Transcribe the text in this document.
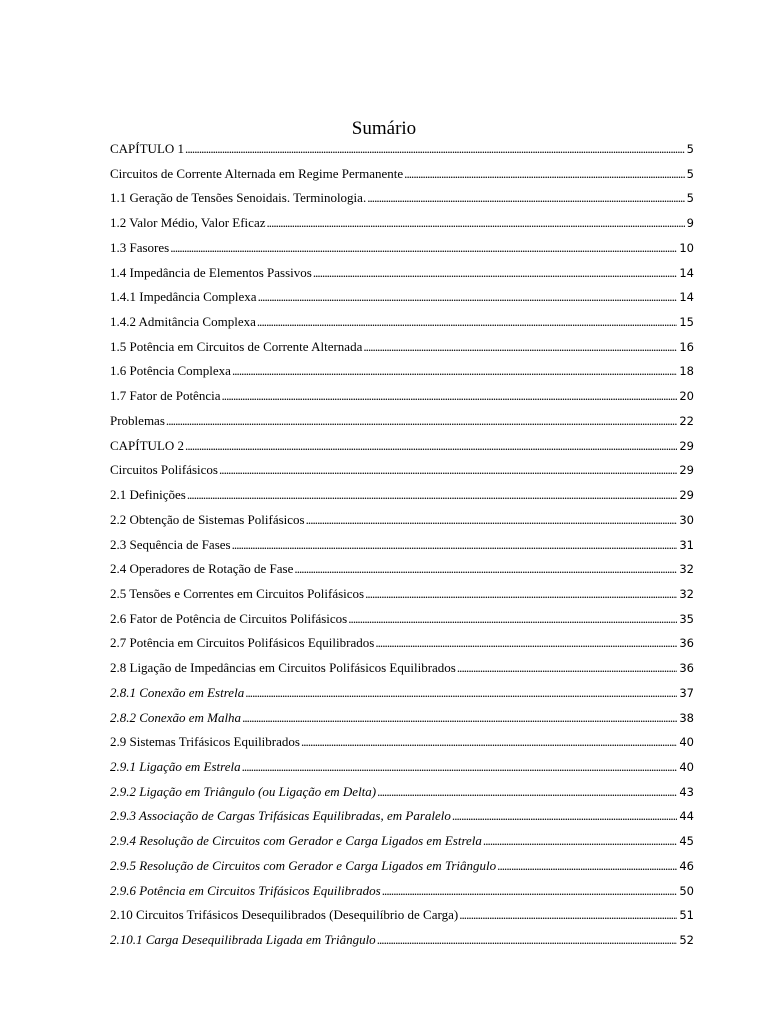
Sumário
CAPÍTULO 1 . . .	5
Circuitos de Corrente Alternada em Regime Permanente . . .	5
1.1 Geração de Tensões Senoidais. Terminologia. . . .	5
1.2 Valor Médio, Valor Eficaz . . .	9
1.3 Fasores . . .	10
1.4 Impedância de Elementos Passivos . . .	14
1.4.1 Impedância Complexa . . .	14
1.4.2 Admitância Complexa . . .	15
1.5 Potência em Circuitos de Corrente Alternada . . .	16
1.6 Potência Complexa . . .	18
1.7 Fator de Potência . . .	20
Problemas . . .	22
CAPÍTULO 2 . . .	29
Circuitos Polifásicos . . .	29
2.1 Definições . . .	29
2.2 Obtenção de Sistemas Polifásicos . . .	30
2.3 Sequência de Fases . . .	31
2.4 Operadores de Rotação de Fase . . .	32
2.5 Tensões e Correntes em Circuitos Polifásicos . . .	32
2.6 Fator de Potência de Circuitos Polifásicos . . .	35
2.7 Potência em Circuitos Polifásicos Equilibrados . . .	36
2.8 Ligação de Impedâncias em Circuitos Polifásicos Equilibrados . . .	36
2.8.1 Conexão em Estrela . . .	37
2.8.2 Conexão em Malha . . .	38
2.9 Sistemas Trifásicos Equilibrados . . .	40
2.9.1 Ligação em Estrela . . .	40
2.9.2 Ligação em Triângulo (ou Ligação em Delta) . . .	43
2.9.3 Associação de Cargas Trifásicas Equilibradas, em Paralelo . . .	44
2.9.4 Resolução de Circuitos com Gerador e Carga Ligados em Estrela . . .	45
2.9.5 Resolução de Circuitos com Gerador e Carga Ligados em Triângulo . . .	46
2.9.6 Potência em Circuitos Trifásicos Equilibrados . . .	50
2.10 Circuitos Trifásicos Desequilibrados (Desequilíbrio de Carga) . . .	51
2.10.1 Carga Desequilibrada Ligada em Triângulo . . .	52
